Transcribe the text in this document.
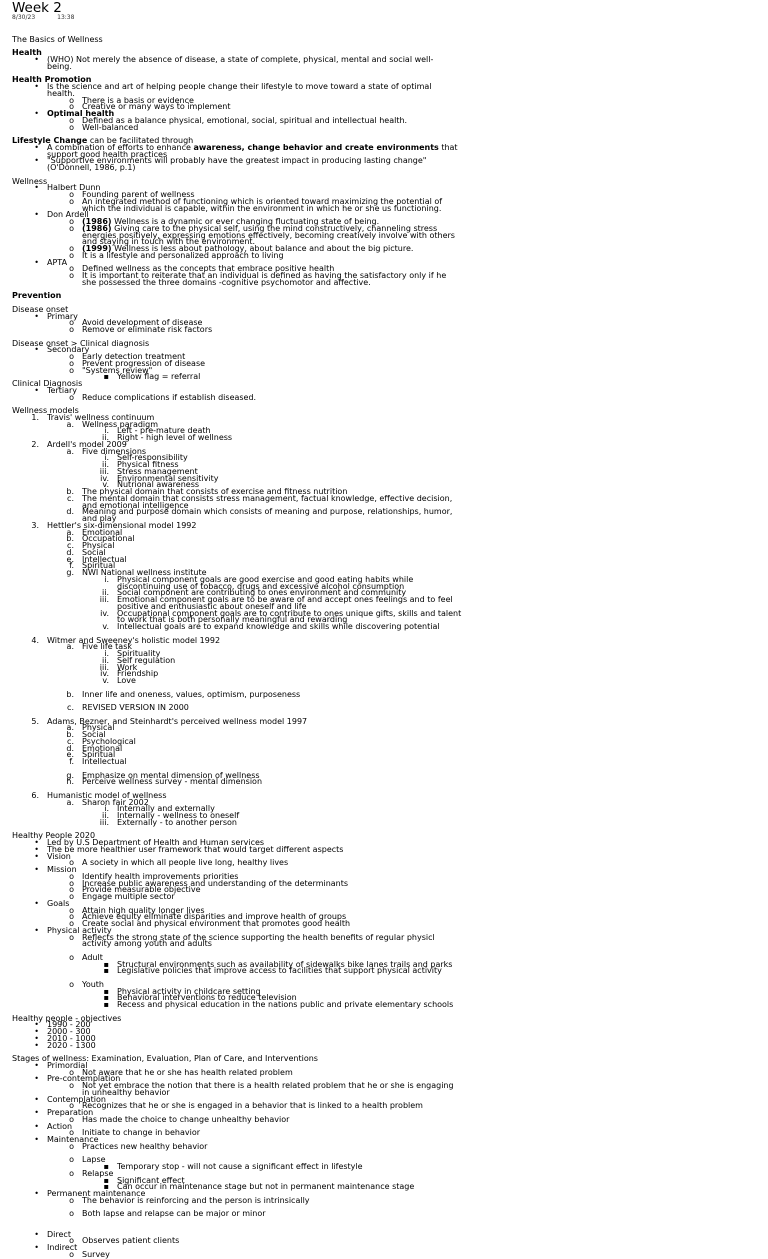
Week 2
8/30/23	13:38
The Basics of Wellness
Health
• (WHO) Not merely the absence of disease, a state of complete, physical, mental and social well-
being.
Health Promotion
• Is the science and art of helping people change their lifestyle to move toward a state of optimal
health.
o There is a basis or evidence
o Creative or many ways to implement
• Optimal health
o Defined as a balance physical, emotional, social, spiritual and intellectual health.
o Well-balanced
Lifestyle Change can be facilitated through
• A combination of efforts to enhance awareness, change behavior and create environments that
support good health practices
• "Supportive environments will probably have the greatest impact in producing lasting change"
(O'Donnell, 1986, p.1)
Wellness
• Halbert Dunn
o Founding parent of wellness
o An integrated method of functioning which is oriented toward maximizing the potential of
which the individual is capable, within the environment in which he or she us functioning.
• Don Ardell
o (1986) Wellness is a dynamic or ever changing fluctuating state of being.
o (1986) Giving care to the physical self, using the mind constructively, channeling stress
energies positively, expressing emotions effectively, becoming creatively involve with others
and staying in touch with the environment.
o (1999) Wellness is less about pathology, about balance and about the big picture.
o It is a lifestyle and personalized approach to living
• APTA
o Defined wellness as the concepts that embrace positive health
o It is important to reiterate that an individual is defined as having the satisfactory only if he
she possessed the three domains -cognitive psychomotor and affective.
Prevention
Disease onset
• Primary
o Avoid development of disease
o Remove or eliminate risk factors
Disease onset > Clinical diagnosis
• Secondary
o Early detection treatment
o Prevent progression of disease
o "Systems review"
▪ Yellow flag = referral
Clinical Diagnosis
• Tertiary
o Reduce complications if establish diseased.
Wellness models
1. Travis' wellness continuum
a. Wellness paradigm
i. Left - pre-mature death
ii. Right - high level of wellness
2. Ardell's model 2009
a. Five dimensions
i. Self-responsibility
ii. Physical fitness
iii. Stress management
iv. Environmental sensitivity
v. Nutrional awareness
b. The physical domain that consists of exercise and fitness nutrition
c. The mental domain that consists stress management, factual knowledge, effective decision,
and emotional intelligence
d. Meaning and purpose domain which consists of meaning and purpose, relationships, humor,
and play
3. Hettler's six-dimensional model 1992
a. Emotional
b. Occupational
c. Physical
d. Social
e. Intellectual
f. Spiritual
g. NWI National wellness institute
i. Physical component goals are good exercise and good eating habits while
discontinuing use of tobacco, drugs and excessive alcohol consumption
ii. Social component are contributing to ones environment and community
iii. Emotional component goals are to be aware of and accept ones feelings and to feel
positive and enthusiastic about oneself and life
iv. Occupational component goals are to contribute to ones unique gifts, skills and talent
to work that is both personally meaningful and rewarding
v. Intellectual goals are to expand knowledge and skills while discovering potential
4. Witmer and Sweeney's holistic model 1992
a. Five life task
i. Spirituality
ii. Self regulation
iii. Work
iv. Friendship
v. Love
b. Inner life and oneness, values, optimism, purposeness
c. REVISED VERSION IN 2000
5. Adams, Bezner, and Steinhardt's perceived wellness model 1997
a. Physical
b. Social
c. Psychological
d. Emotional
e. Spiritual
f. Intellectual
g. Emphasize on mental dimension of wellness
h. Perceive wellness survey - mental dimension
6. Humanistic model of wellness
a. Sharon fair 2002
i. Internally and externally
ii. Internally - wellness to oneself
iii. Externally - to another person
Healthy People 2020
• Led by U.S Department of Health and Human services
• The be more healthier user framework that would target different aspects
• Vision
o A society in which all people live long, healthy lives
• Mission
o Identify health improvements priorities
o Increase public awareness and understanding of the determinants
o Provide measurable objective
o Engage multiple sector
• Goals
o Attain high quality longer lives
o Achieve equity eliminate disparities and improve health of groups
o Create social and physical environment that promotes good health
• Physical activity
o Reflects the strong state of the science supporting the health benefits of regular physicl
activity among youth and adults
o Adult
▪ Structural environments such as availability of sidewalks bike lanes trails and parks
▪ Legislative policies that improve access to facilities that support physical activity
o Youth
▪ Physical activity in childcare setting
▪ Behavioral interventions to reduce television
▪ Recess and physical education in the nations public and private elementary schools
Healthy people - objectives
• 1990 - 200
• 2000 - 300
• 2010 - 1000
• 2020 - 1300
Stages of wellness: Examination, Evaluation, Plan of Care, and Interventions
• Primordial
o Not aware that he or she has health related problem
• Pre-contemplation
o Not yet embrace the notion that there is a health related problem that he or she is engaging
in unhealthy behavior
• Contemplation
o Recognizes that he or she is engaged in a behavior that is linked to a health problem
• Preparation
o Has made the choice to change unhealthy behavior
• Action
o Initiate to change in behavior
• Maintenance
o Practices new healthy behavior
o Lapse
▪ Temporary stop - will not cause a significant effect in lifestyle
o Relapse
▪ Significant effect
▪ Can occur in maintenance stage but not in permanent maintenance stage
• Permanent maintenance
o The behavior is reinforcing and the person is intrinsically
o Both lapse and relapse can be major or minor
• Direct
o Observes patient clients
• Indirect
o Survey
